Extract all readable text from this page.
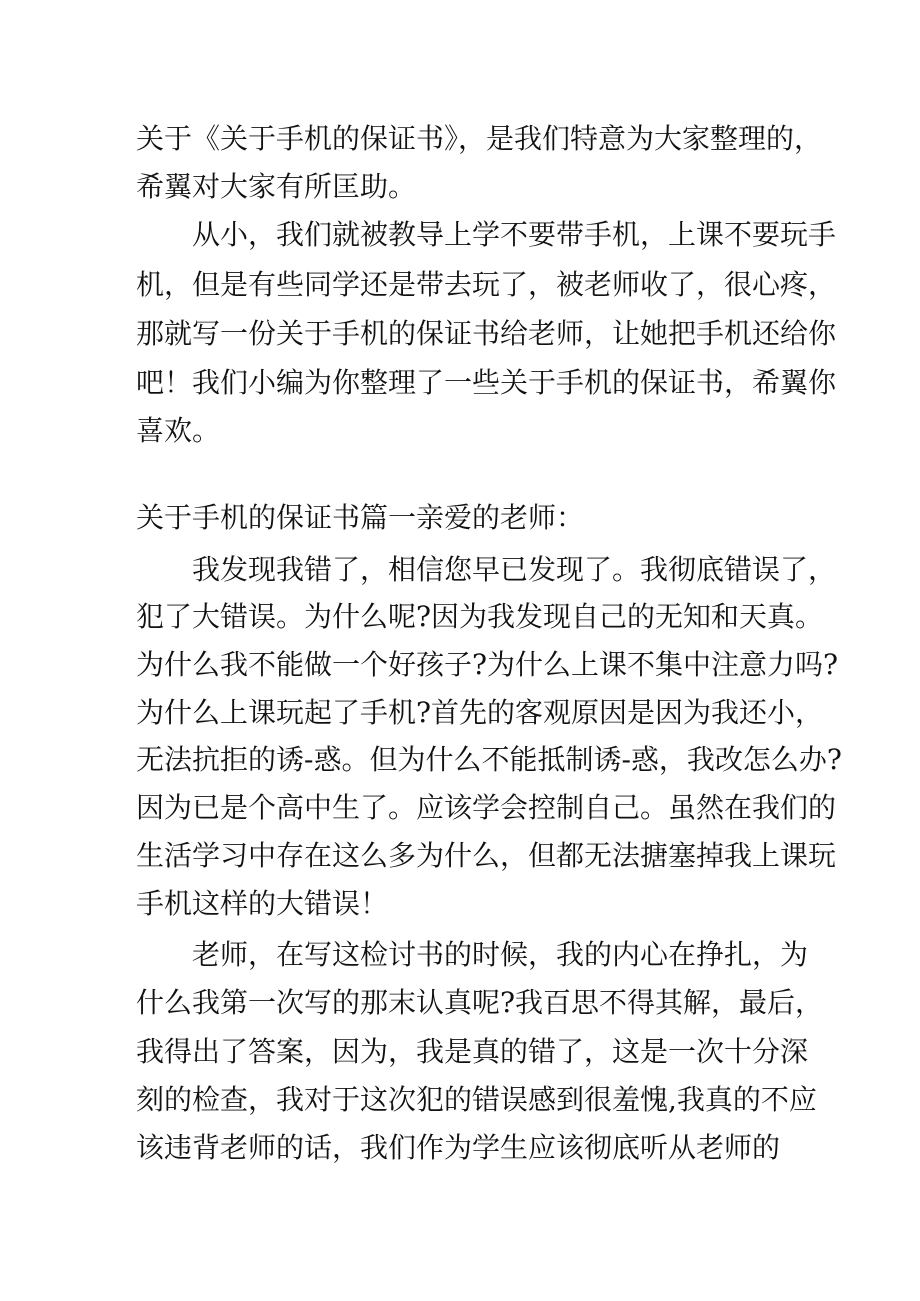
关于《关于手机的保证书》，是我们特意为大家整理的，
希翼对大家有所匡助。
　　从小，我们就被教导上学不要带手机，上课不要玩手
机，但是有些同学还是带去玩了，被老师收了，很心疼，
那就写一份关于手机的保证书给老师，让她把手机还给你
吧！我们小编为你整理了一些关于手机的保证书，希翼你
喜欢。
关于手机的保证书篇一亲爱的老师：
　　我发现我错了，相信您早已发现了。我彻底错误了，
犯了大错误。为什么呢?因为我发现自己的无知和天真。
为什么我不能做一个好孩子?为什么上课不集中注意力吗?
为什么上课玩起了手机?首先的客观原因是因为我还小，
无法抗拒的诱-惑。但为什么不能抵制诱-惑，我改怎么办?
因为已是个高中生了。应该学会控制自己。虽然在我们的
生活学习中存在这么多为什么，但都无法搪塞掉我上课玩
手机这样的大错误！
　　老师，在写这检讨书的时候，我的内心在挣扎，为
什么我第一次写的那末认真呢?我百思不得其解，最后，
我得出了答案，因为，我是真的错了，这是一次十分深
刻的检查，我对于这次犯的错误感到很羞愧,我真的不应
该违背老师的话，我们作为学生应该彻底听从老师的
